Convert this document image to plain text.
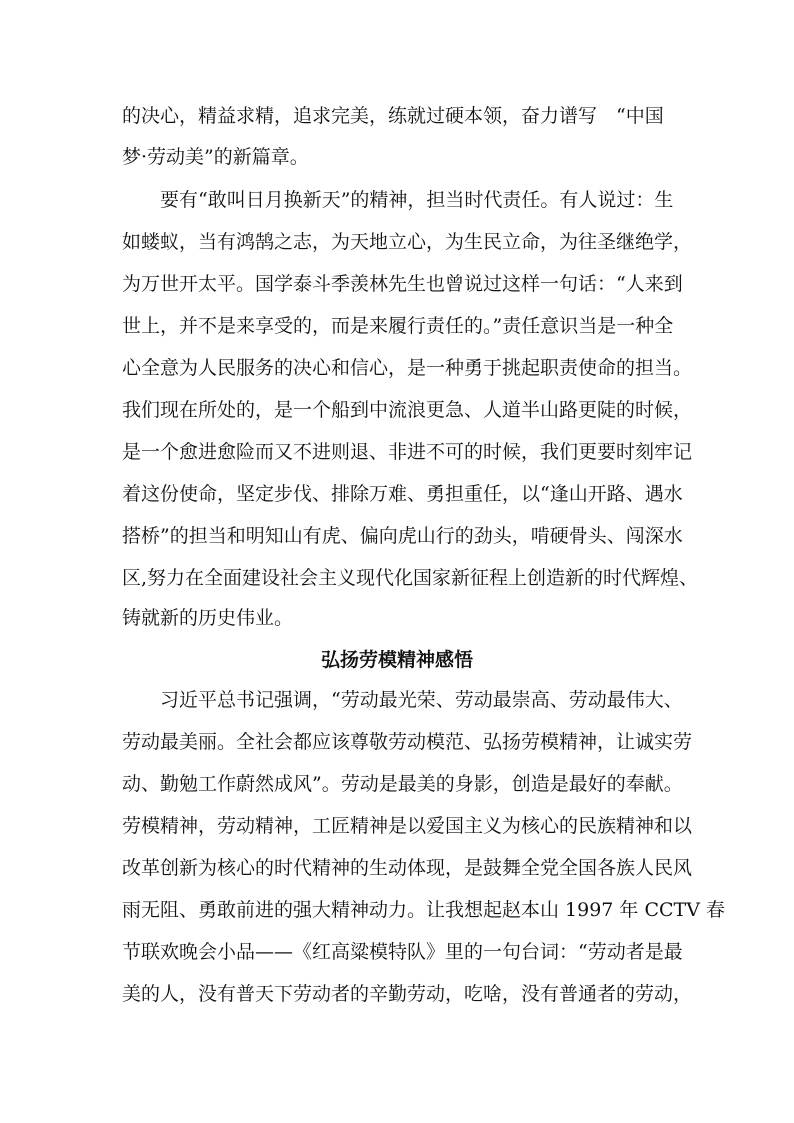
的决心，精益求精，追求完美，练就过硬本领，奋力谱写　“中国
梦·劳动美”的新篇章。
　　要有“敢叫日月换新天”的精神，担当时代责任。有人说过：生
如蝼蚁，当有鸿鹄之志，为天地立心，为生民立命，为往圣继绝学，
为万世开太平。国学泰斗季羡林先生也曾说过这样一句话：“人来到
世上，并不是来享受的，而是来履行责任的。”责任意识当是一种全
心全意为人民服务的决心和信心，是一种勇于挑起职责使命的担当。
我们现在所处的，是一个船到中流浪更急、人道半山路更陡的时候，
是一个愈进愈险而又不进则退、非进不可的时候，我们更要时刻牢记
着这份使命，坚定步伐、排除万难、勇担重任，以“逢山开路、遇水
搭桥”的担当和明知山有虎、偏向虎山行的劲头，啃硬骨头、闯深水
区,努力在全面建设社会主义现代化国家新征程上创造新的时代辉煌、
铸就新的历史伟业。
弘扬劳模精神感悟
　　习近平总书记强调，“劳动最光荣、劳动最崇高、劳动最伟大、
劳动最美丽。全社会都应该尊敬劳动模范、弘扬劳模精神，让诚实劳
动、勤勉工作蔚然成风”。劳动是最美的身影，创造是最好的奉献。
劳模精神，劳动精神，工匠精神是以爱国主义为核心的民族精神和以
改革创新为核心的时代精神的生动体现，是鼓舞全党全国各族人民风
雨无阻、勇敢前进的强大精神动力。让我想起赵本山 1997 年 CCTV 春
节联欢晚会小品——《红高粱模特队》里的一句台词：“劳动者是最
美的人，没有普天下劳动者的辛勤劳动，吃啥，没有普通者的劳动，
